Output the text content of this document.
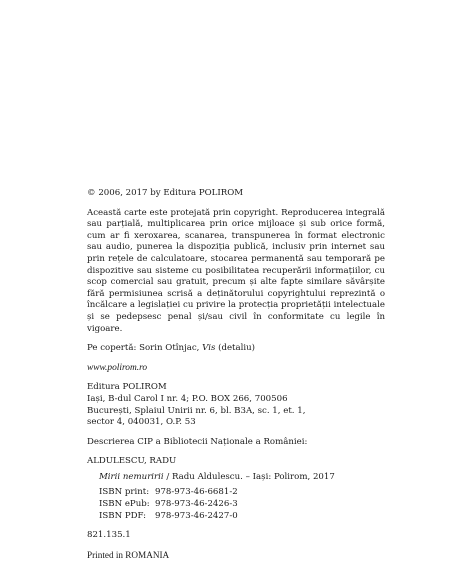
© 2006, 2017 by Editura POLIROM

Această carte este protejată prin copyright. Reproducerea integrală sau parțială, multiplicarea prin orice mijloace și sub orice formă, cum ar fi xeroxarea, scanarea, transpunerea în format electronic sau audio, punerea la dispoziția publică, inclusiv prin internet sau prin rețele de calculatoare, stocarea permanentă sau temporară pe dispozitive sau sisteme cu posibilitatea recuperării informațiilor, cu scop comercial sau gratuit, precum și alte fapte similare săvârșite fără permisiunea scrisă a deținătorului copyrightului reprezintă o încălcare a legislației cu privire la protecția proprietății intelectuale și se pedepsesc penal și/sau civil în conformitate cu legile în vigoare.

Pe copertă: Sorin Otînjac, Vis (detaliu)

www.polirom.ro

Editura POLIROM
Iași, B-dul Carol I nr. 4; P.O. BOX 266, 700506
București, Splaiul Unirii nr. 6, bl. B3A, sc. 1, et. 1,
sector 4, 040031, O.P. 53

Descrierea CIP a Bibliotecii Naționale a României:

ALDULESCU, RADU

Mirii nemuririi / Radu Aldulescu. – Iași: Polirom, 2017

ISBN print: 978-973-46-6681-2
ISBN ePub: 978-973-46-2426-3
ISBN PDF:	978-973-46-2427-0

821.135.1

Printed in ROMANIA
